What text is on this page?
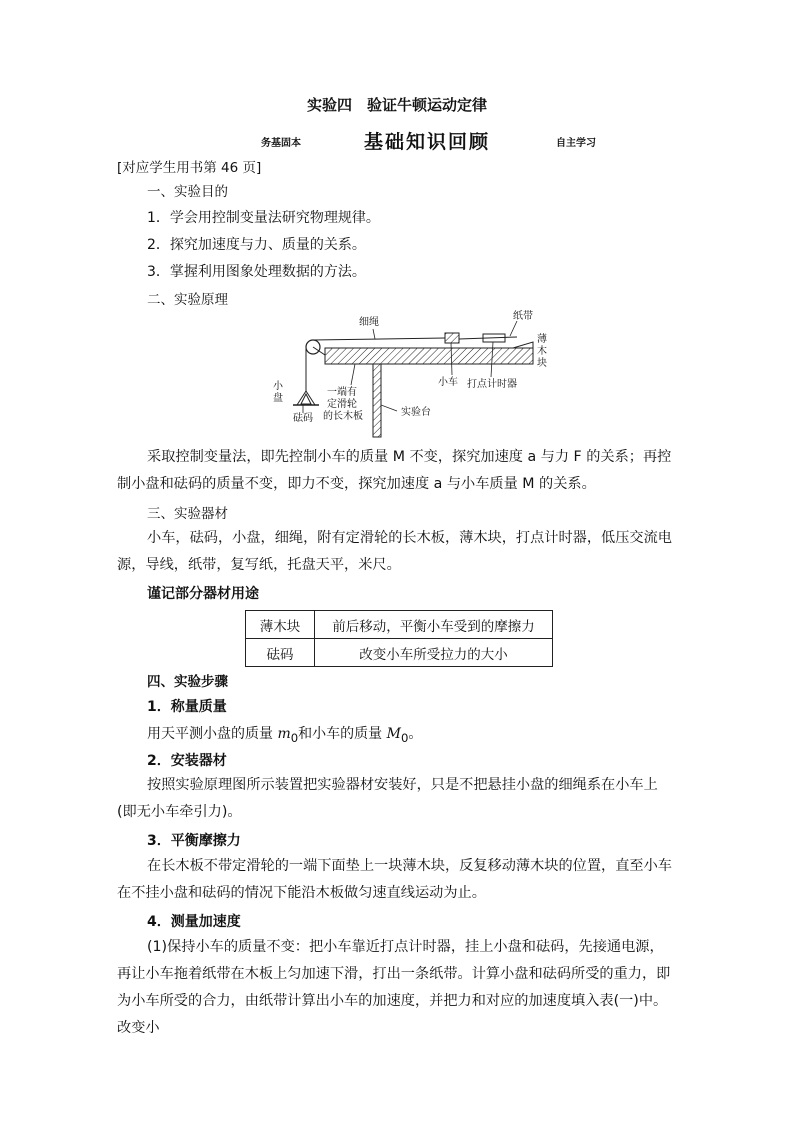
实验四　验证牛顿运动定律
务基固本	基础知识回顾	自主学习
[对应学生用书第 46 页]
一、实验目的
1．学会用控制变量法研究物理规律。
2．探究加速度与力、质量的关系。
3．掌握利用图象处理数据的方法。
二、实验原理
细绳
纸带
薄
木
块
小车 打点计时器
一端有
定滑轮
的长木板	实验台
小
盘
砝码
采取控制变量法，即先控制小车的质量 M 不变，探究加速度 a 与力 F 的关系；再控制小盘和砝码的质量不变，即力不变，探究加速度 a 与小车质量 M 的关系。
三、实验器材
小车，砝码，小盘，细绳，附有定滑轮的长木板，薄木块，打点计时器，低压交流电源，导线，纸带，复写纸，托盘天平，米尺。
谨记部分器材用途
薄木块	前后移动，平衡小车受到的摩擦力
砝码	改变小车所受拉力的大小
四、实验步骤
1．称量质量
用天平测小盘的质量 $m_0$和小车的质量 $M_0$。
2．安装器材
按照实验原理图所示装置把实验器材安装好，只是不把悬挂小盘的细绳系在小车上(即无小车牵引力)。
3．平衡摩擦力
在长木板不带定滑轮的一端下面垫上一块薄木块，反复移动薄木块的位置，直至小车在不挂小盘和砝码的情况下能沿木板做匀速直线运动为止。
4．测量加速度
(1)保持小车的质量不变：把小车靠近打点计时器，挂上小盘和砝码，先接通电源，再让小车拖着纸带在木板上匀加速下滑，打出一条纸带。计算小盘和砝码所受的重力，即为小车所受的合力，由纸带计算出小车的加速度，并把力和对应的加速度填入表(一)中。改变小
